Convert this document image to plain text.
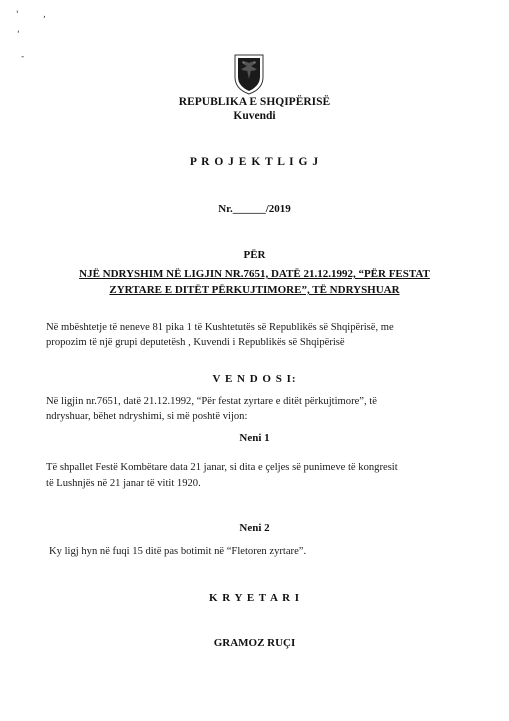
'	,
‘
-
REPUBLIKA E SHQIPËRISË
Kuvendi
P R O J E K T L I G J
Nr.______/2019
PËR
NJË NDRYSHIM NË LIGJIN NR.7651, DATË 21.12.1992, “PËR FESTAT
ZYRTARE E DITËT PËRKUJTIMORE”, TË NDRYSHUAR
Në mbështetje të neneve 81 pika 1 të Kushtetutës së Republikës së Shqipërisë, me
propozim të një grupi deputetësh , Kuvendi i Republikës së Shqipërisë
V E N D O S I:
Në ligjin nr.7651, datë 21.12.1992, “Për festat zyrtare e ditët përkujtimore”, të
ndryshuar, bëhet ndryshimi, si më poshtë vijon:
Neni 1
Të shpallet Festë Kombëtare data 21 janar, si dita e çeljes së punimeve të kongresit
të Lushnjës në 21 janar të vitit 1920.
Neni 2
Ky ligj hyn në fuqi 15 ditë pas botimit në “Fletoren zyrtare”.
K R Y E T A R I
GRAMOZ RUÇI
